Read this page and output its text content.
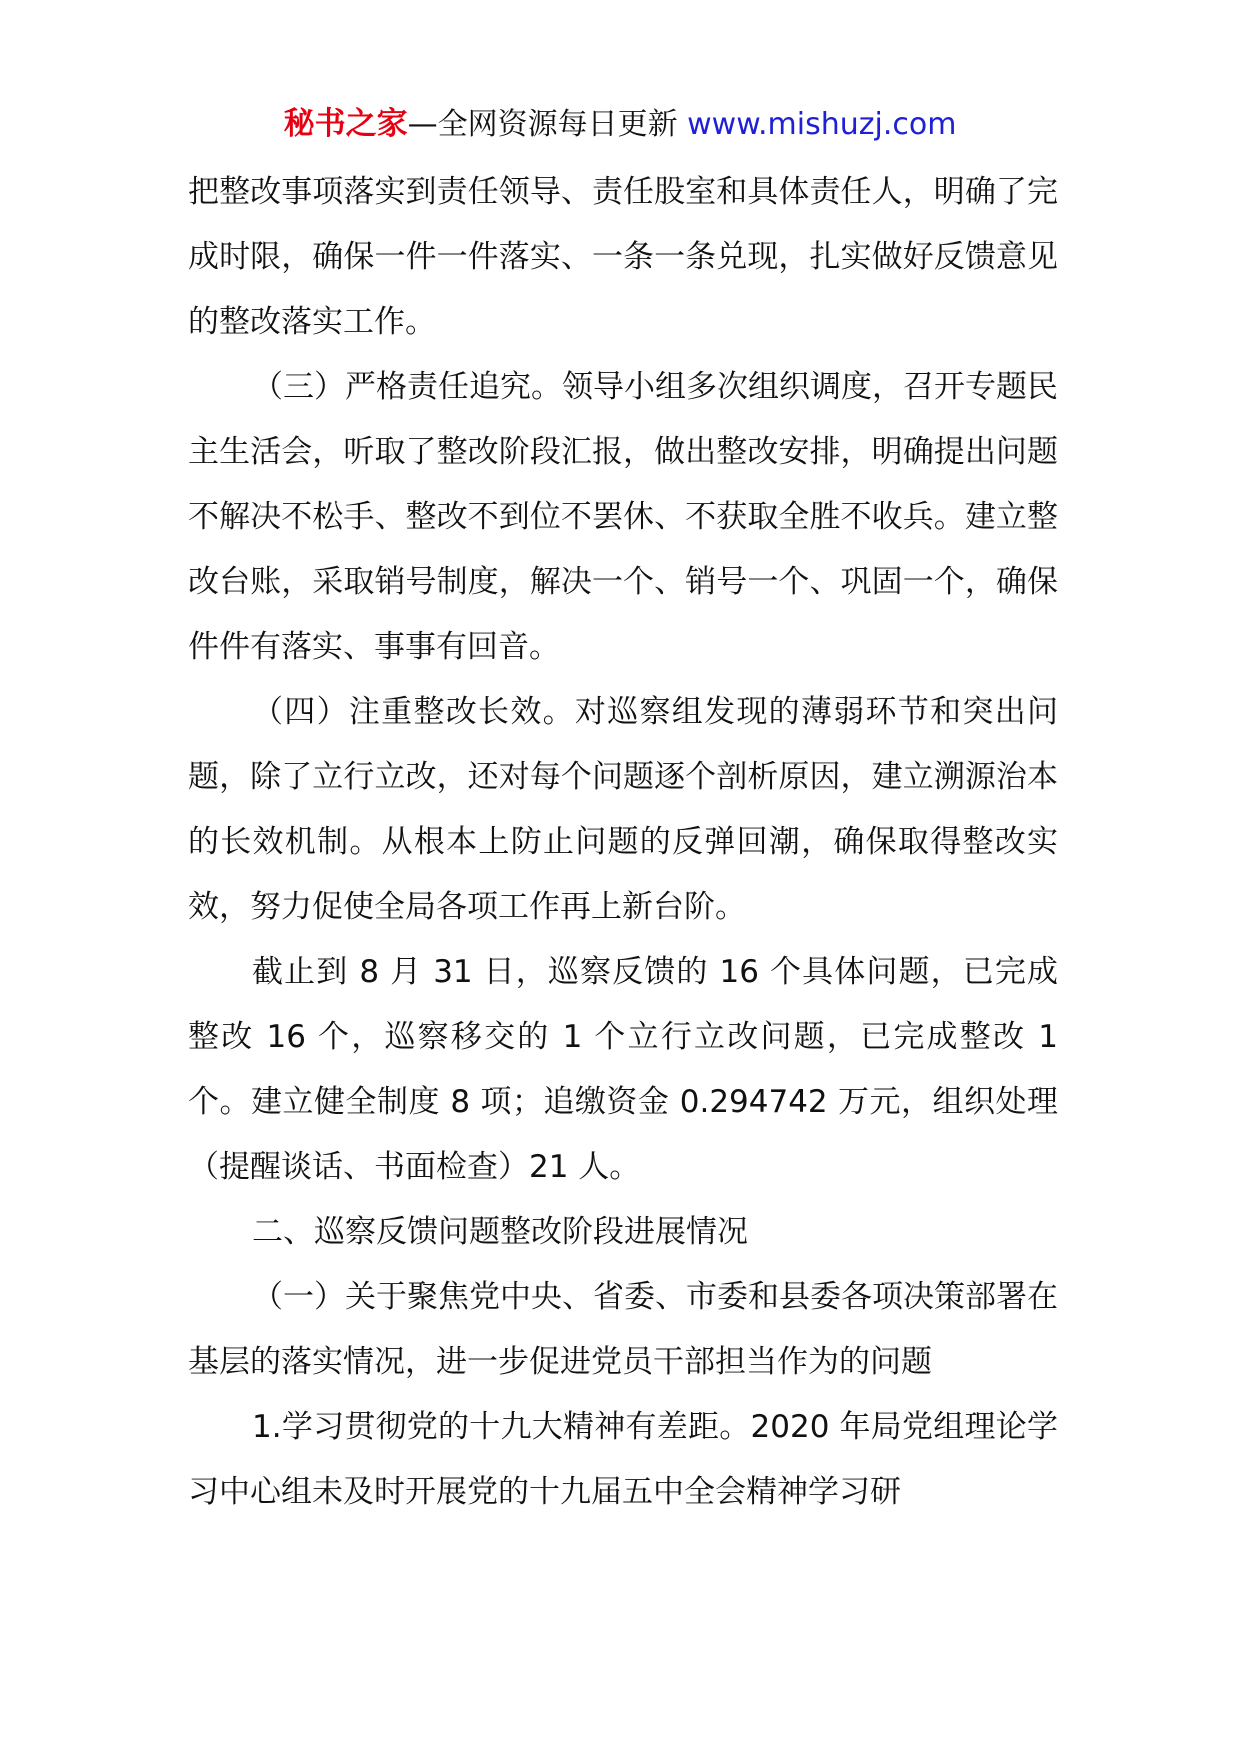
秘书之家—全网资源每日更新 www.mishuzj.com

把整改事项落实到责任领导、责任股室和具体责任人，明确了完成时限，确保一件一件落实、一条一条兑现，扎实做好反馈意见的整改落实工作。

（三）严格责任追究。领导小组多次组织调度，召开专题民主生活会，听取了整改阶段汇报，做出整改安排，明确提出问题不解决不松手、整改不到位不罢休、不获取全胜不收兵。建立整改台账，采取销号制度，解决一个、销号一个、巩固一个，确保件件有落实、事事有回音。

（四）注重整改长效。对巡察组发现的薄弱环节和突出问题，除了立行立改，还对每个问题逐个剖析原因，建立溯源治本的长效机制。从根本上防止问题的反弹回潮，确保取得整改实效，努力促使全局各项工作再上新台阶。

截止到 8 月 31 日，巡察反馈的 16 个具体问题，已完成整改 16 个，巡察移交的 1 个立行立改问题，已完成整改 1 个。建立健全制度 8 项；追缴资金 0.294742 万元，组织处理（提醒谈话、书面检查）21 人。

二、巡察反馈问题整改阶段进展情况

（一）关于聚焦党中央、省委、市委和县委各项决策部署在基层的落实情况，进一步促进党员干部担当作为的问题

1.学习贯彻党的十九大精神有差距。2020 年局党组理论学习中心组未及时开展党的十九届五中全会精神学习研
